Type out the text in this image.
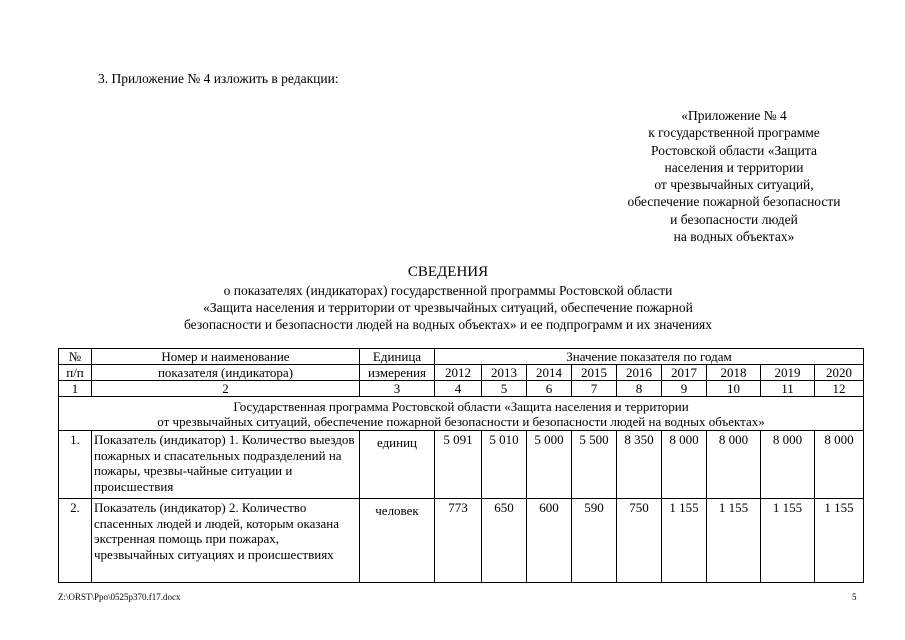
3. Приложение № 4 изложить в редакции:
«Приложение № 4
к государственной программе
Ростовской области «Защита
населения и территории
от чрезвычайных ситуаций,
обеспечение пожарной безопасности
и безопасности людей
на водных объектах»
СВЕДЕНИЯ
о показателях (индикаторах) государственной программы Ростовской области
«Защита населения и территории от чрезвычайных ситуаций, обеспечение пожарной
безопасности и безопасности людей на водных объектах» и ее подпрограмм и их значениях
№	Номер и наименование	Единица	Значение показателя по годам								
п/п	показателя (индикатора)	измерения	2012	2013	2014	2015	2016	2017	2018	2019	2020
1	2	3	4	5	6	7	8	9	10	11	12

Государственная программа Ростовской области «Защита населения и территории
от чрезвычайных ситуаций, обеспечение пожарной безопасности и безопасности людей на водных объектах»											

1.	Показатель (индикатор) 1. Количество выездов пожарных и спасательных подразделений на пожары, чрезвы-чайные ситуации и происшествия	единиц	5 091	5 010	5 000	5 500	8 350	8 000	8 000	8 000	8 000
2.	Показатель (индикатор) 2. Количество спасенных людей и людей, которым оказана экстренная помощь при пожарах, чрезвычайных ситуациях и происшествиях	человек	773	650	600	590	750	1 155	1 155	1 155	1 155
Z:\ORST\Ppo\0525p370.f17.docx	5
